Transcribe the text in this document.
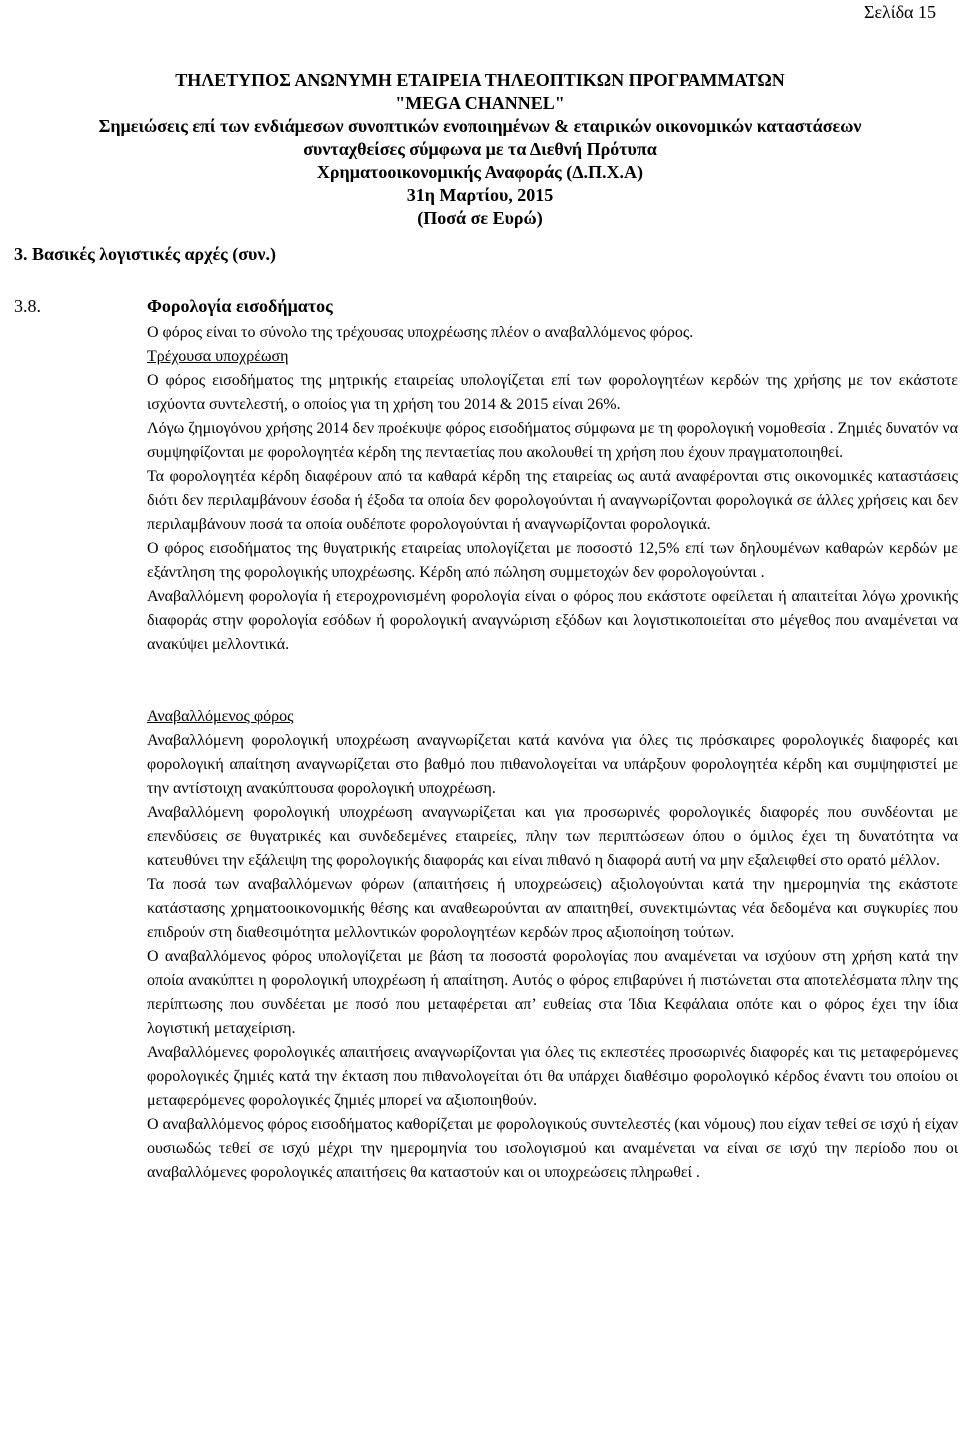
Σελίδα 15
ΤΗΛΕΤΥΠΟΣ ΑΝΩΝΥΜΗ ΕΤΑΙΡΕΙΑ ΤΗΛΕΟΠΤΙΚΩΝ ΠΡΟΓΡΑΜΜΑΤΩΝ
"MEGA CHANNEL"
Σημειώσεις επί των ενδιάμεσων συνοπτικών ενοποιημένων & εταιρικών οικονομικών καταστάσεων
συνταχθείσες σύμφωνα με τα Διεθνή Πρότυπα
Χρηματοοικονομικής Αναφοράς (Δ.Π.Χ.Α)
31η Μαρτίου, 2015
(Ποσά σε Ευρώ)
3. Βασικές λογιστικές αρχές (συν.)
3.8.	Φορολογία εισοδήματος

Ο φόρος είναι το σύνολο της τρέχουσας υποχρέωσης πλέον ο αναβαλλόμενος φόρος.

Τρέχουσα υποχρέωση

Ο φόρος εισοδήματος της μητρικής εταιρείας υπολογίζεται επί των φορολογητέων κερδών της χρήσης με τον εκάστοτε ισχύοντα συντελεστή, ο οποίος για τη χρήση του 2014 & 2015 είναι 26%.

Λόγω ζημιογόνου χρήσης 2014 δεν προέκυψε φόρος εισοδήματος σύμφωνα με τη φορολογική νομοθεσία . Ζημιές δυνατόν να συμψηφίζονται με φορολογητέα κέρδη της πενταετίας που ακολουθεί τη χρήση που έχουν πραγματοποιηθεί.

Τα φορολογητέα κέρδη διαφέρουν από τα καθαρά κέρδη της εταιρείας ως αυτά αναφέρονται στις οικονομικές καταστάσεις διότι δεν περιλαμβάνουν έσοδα ή έξοδα τα οποία δεν φορολογούνται ή αναγνωρίζονται φορολογικά σε άλλες χρήσεις και δεν περιλαμβάνουν ποσά τα οποία ουδέποτε φορολογούνται ή αναγνωρίζονται φορολογικά.

Ο φόρος εισοδήματος της θυγατρικής εταιρείας υπολογίζεται με ποσοστό 12,5% επί των δηλουμένων καθαρών κερδών με εξάντληση της φορολογικής υποχρέωσης. Κέρδη από πώληση συμμετοχών δεν φορολογούνται .

Αναβαλλόμενη φορολογία ή ετεροχρονισμένη φορολογία είναι ο φόρος που εκάστοτε οφείλεται ή απαιτείται λόγω χρονικής διαφοράς στην φορολογία εσόδων ή φορολογική αναγνώριση εξόδων και λογιστικοποιείται στο μέγεθος που αναμένεται να ανακύψει μελλοντικά.

Αναβαλλόμενος φόρος

Αναβαλλόμενη φορολογική υποχρέωση αναγνωρίζεται κατά κανόνα για όλες τις πρόσκαιρες φορολογικές διαφορές και φορολογική απαίτηση αναγνωρίζεται στο βαθμό που πιθανολογείται να υπάρξουν φορολογητέα κέρδη και συμψηφιστεί με την αντίστοιχη ανακύπτουσα φορολογική υποχρέωση.

Αναβαλλόμενη φορολογική υποχρέωση αναγνωρίζεται και για προσωρινές φορολογικές διαφορές που συνδέονται με επενδύσεις σε θυγατρικές και συνδεδεμένες εταιρείες, πλην των περιπτώσεων όπου ο όμιλος έχει τη δυνατότητα να κατευθύνει την εξάλειψη της φορολογικής διαφοράς και είναι πιθανό η διαφορά αυτή να μην εξαλειφθεί στο ορατό μέλλον.

Τα ποσά των αναβαλλόμενων φόρων (απαιτήσεις ή υποχρεώσεις) αξιολογούνται κατά την ημερομηνία της εκάστοτε κατάστασης χρηματοοικονομικής θέσης και αναθεωρούνται αν απαιτηθεί, συνεκτιμώντας νέα δεδομένα και συγκυρίες που επιδρούν στη διαθεσιμότητα μελλοντικών φορολογητέων κερδών προς αξιοποίηση τούτων.

Ο αναβαλλόμενος φόρος υπολογίζεται με βάση τα ποσοστά φορολογίας που αναμένεται να ισχύουν στη χρήση κατά την οποία ανακύπτει η φορολογική υποχρέωση ή απαίτηση. Αυτός ο φόρος επιβαρύνει ή πιστώνεται στα αποτελέσματα πλην της περίπτωσης που συνδέεται με ποσό που μεταφέρεται απ’ ευθείας στα Ίδια Κεφάλαια οπότε και ο φόρος έχει την ίδια λογιστική μεταχείριση.

Αναβαλλόμενες φορολογικές απαιτήσεις αναγνωρίζονται για όλες τις εκπεστέες προσωρινές διαφορές και τις μεταφερόμενες φορολογικές ζημιές κατά την έκταση που πιθανολογείται ότι θα υπάρχει διαθέσιμο φορολογικό κέρδος έναντι του οποίου οι μεταφερόμενες φορολογικές ζημιές μπορεί να αξιοποιηθούν.

Ο αναβαλλόμενος φόρος εισοδήματος καθορίζεται με φορολογικούς συντελεστές (και νόμους) που είχαν τεθεί σε ισχύ ή είχαν ουσιωδώς τεθεί σε ισχύ μέχρι την ημερομηνία του ισολογισμού και αναμένεται να είναι σε ισχύ την περίοδο που οι αναβαλλόμενες φορολογικές απαιτήσεις θα καταστούν και οι υποχρεώσεις πληρωθεί .
